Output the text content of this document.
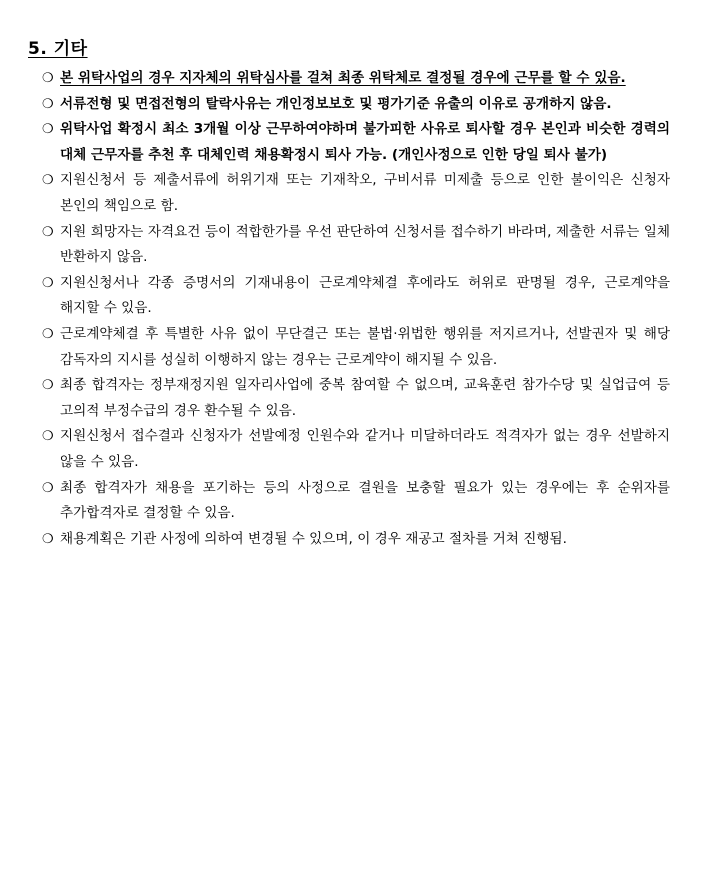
5. 기타
❍ 본 위탁사업의 경우 지자체의 위탁심사를 걸쳐 최종 위탁체로 결정될 경우에 근무를 할 수 있음.
❍ 서류전형 및 면접전형의 탈락사유는 개인정보보호 및 평가기준 유출의 이유로 공개하지 않음.
❍ 위탁사업 확정시 최소 3개월 이상 근무하여야하며 불가피한 사유로 퇴사할 경우 본인과 비슷한 경력의 대체 근무자를 추천 후 대체인력 채용확정시 퇴사 가능. (개인사정으로 인한 당일 퇴사 불가)
❍ 지원신청서 등 제출서류에 허위기재 또는 기재착오, 구비서류 미제출 등으로 인한 불이익은 신청자 본인의 책임으로 함.
❍ 지원 희망자는 자격요건 등이 적합한가를 우선 판단하여 신청서를 접수하기 바라며, 제출한 서류는 일체 반환하지 않음.
❍ 지원신청서나 각종 증명서의 기재내용이 근로계약체결 후에라도 허위로 판명될 경우, 근로계약을 해지할 수 있음.
❍ 근로계약체결 후 특별한 사유 없이 무단결근 또는 불법·위법한 행위를 저지르거나, 선발권자 및 해당 감독자의 지시를 성실히 이행하지 않는 경우는 근로계약이 해지될 수 있음.
❍ 최종 합격자는 정부재정지원 일자리사업에 중복 참여할 수 없으며, 교육훈련 참가수당 및 실업급여 등 고의적 부정수급의 경우 환수될 수 있음.
❍ 지원신청서 접수결과 신청자가 선발예정 인원수와 같거나 미달하더라도 적격자가 없는 경우 선발하지 않을 수 있음.
❍ 최종 합격자가 채용을 포기하는 등의 사정으로 결원을 보충할 필요가 있는 경우에는 후 순위자를 추가합격자로 결정할 수 있음.
❍ 채용계획은 기관 사정에 의하여 변경될 수 있으며, 이 경우 재공고 절차를 거쳐 진행됨.
